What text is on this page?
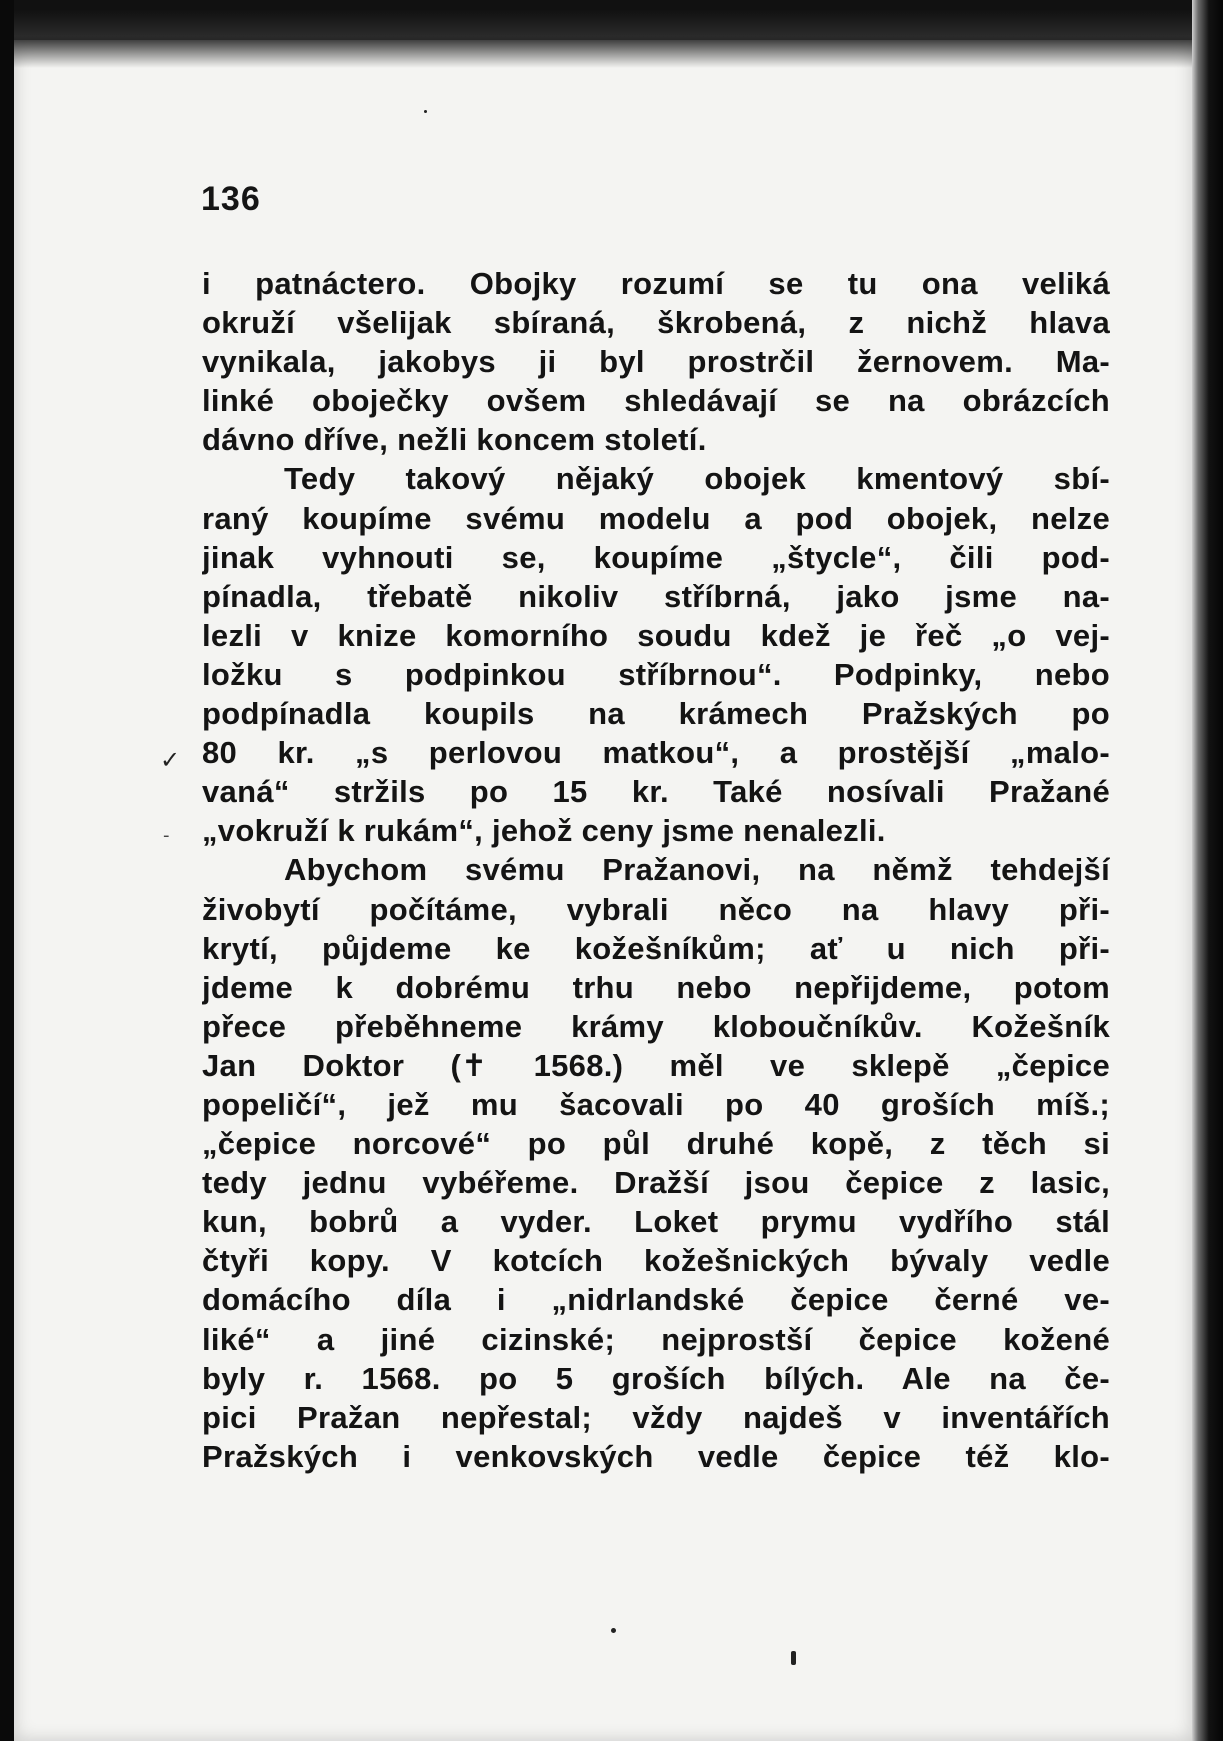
136
✓
-
i patnáctero. Obojky rozumí se tu ona veliká
okruží všelijak sbíraná, škrobená, z nichž hlava
vynikala, jakobys ji byl prostrčil žernovem. Ma-
linké oboječky ovšem shledávají se na obrázcích
dávno dříve, nežli koncem století.
Tedy takový nějaký obojek kmentový sbí-
raný koupíme svému modelu a pod obojek, nelze
jinak vyhnouti se, koupíme „štycle“, čili pod-
pínadla, třebatě nikoliv stříbrná, jako jsme na-
lezli v knize komorního soudu kdež je řeč „o vej-
ložku s podpinkou stříbrnou“. Podpinky, nebo
podpínadla koupils na krámech Pražských po
80 kr. „s perlovou matkou“, a prostější „malo-
vaná“ stržils po 15 kr. Také nosívali Pražané
„vokruží k rukám“, jehož ceny jsme nenalezli.
Abychom svému Pražanovi, na němž tehdejší
živobytí počítáme, vybrali něco na hlavy při-
krytí, půjdeme ke kožešníkům; ať u nich při-
jdeme k dobrému trhu nebo nepřijdeme, potom
přece přeběhneme krámy kloboučníkův. Kožešník
Jan Doktor (✝ 1568.) měl ve sklepě „čepice
popeličí“, jež mu šacovali po 40 groších míš.;
„čepice norcové“ po půl druhé kopě, z těch si
tedy jednu vybéřeme. Dražší jsou čepice z lasic,
kun, bobrů a vyder. Loket prymu vydřího stál
čtyři kopy. V kotcích kožešnických bývaly vedle
domácího díla i „nidrlandské čepice černé ve-
liké“ a jiné cizinské; nejprostší čepice kožené
byly r. 1568. po 5 groších bílých. Ale na če-
pici Pražan nepřestal; vždy najdeš v inventářích
Pražských i venkovských vedle čepice též klo-
